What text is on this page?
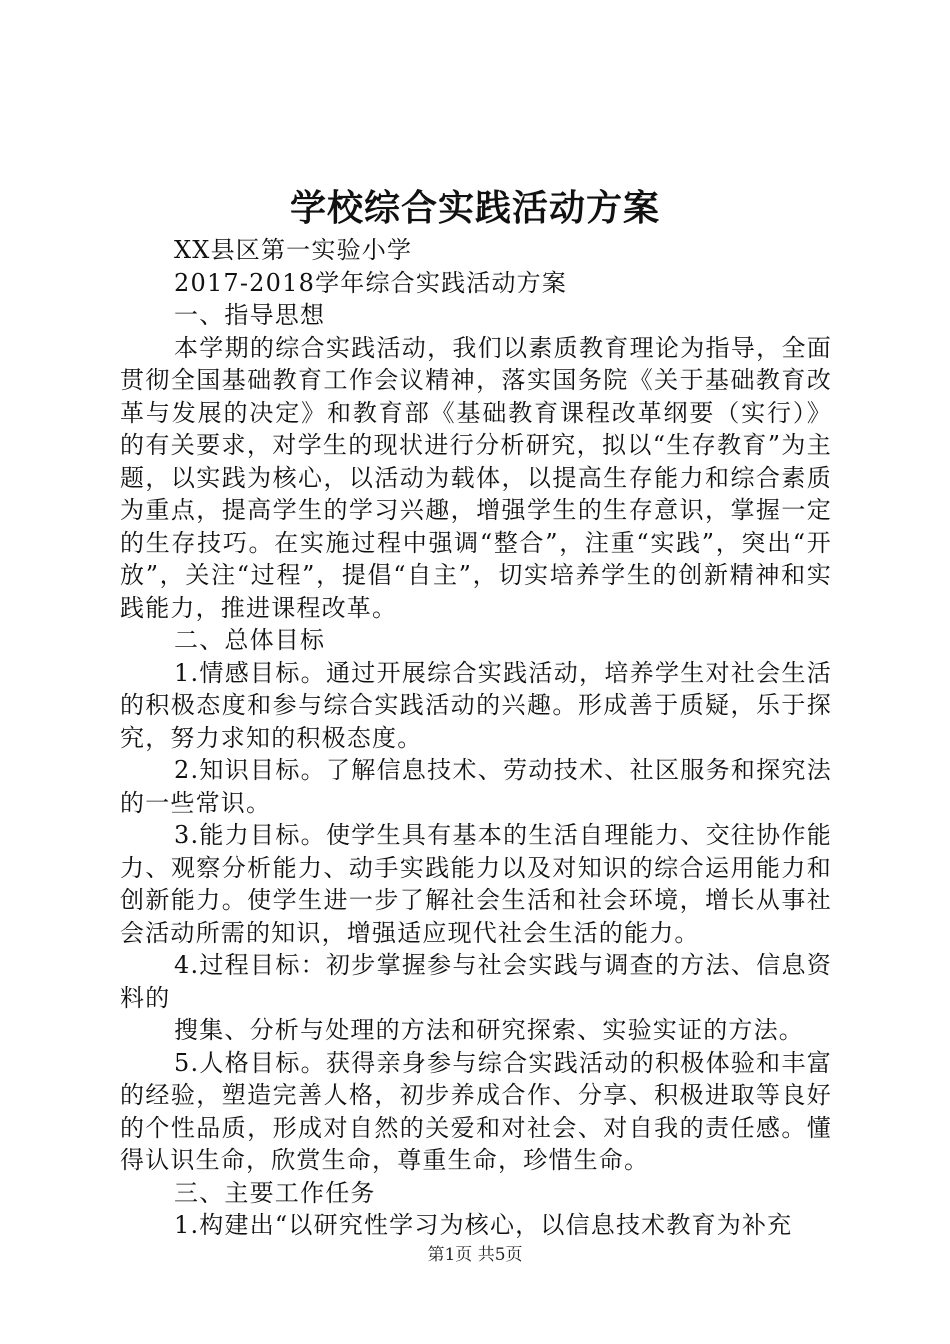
学校综合实践活动方案

XX县区第一实验小学

2017-2018学年综合实践活动方案

一、指导思想

本学期的综合实践活动，我们以素质教育理论为指导，全面贯彻全国基础教育工作会议精神，落实国务院《关于基础教育改革与发展的决定》和教育部《基础教育课程改革纲要（实行）》的有关要求，对学生的现状进行分析研究，拟以“生存教育”为主题，以实践为核心，以活动为载体，以提高生存能力和综合素质为重点，提高学生的学习兴趣，增强学生的生存意识，掌握一定的生存技巧。在实施过程中强调“整合”，注重“实践”，突出“开放”，关注“过程”，提倡“自主”，切实培养学生的创新精神和实践能力，推进课程改革。

二、总体目标

1.情感目标。通过开展综合实践活动，培养学生对社会生活的积极态度和参与综合实践活动的兴趣。形成善于质疑，乐于探究，努力求知的积极态度。

2.知识目标。了解信息技术、劳动技术、社区服务和探究法的一些常识。

3.能力目标。使学生具有基本的生活自理能力、交往协作能力、观察分析能力、动手实践能力以及对知识的综合运用能力和创新能力。使学生进一步了解社会生活和社会环境，增长从事社会活动所需的知识，增强适应现代社会生活的能力。

4.过程目标：初步掌握参与社会实践与调查的方法、信息资料的

搜集、分析与处理的方法和研究探索、实验实证的方法。

5.人格目标。获得亲身参与综合实践活动的积极体验和丰富的经验，塑造完善人格，初步养成合作、分享、积极进取等良好的个性品质，形成对自然的关爱和对社会、对自我的责任感。懂得认识生命，欣赏生命，尊重生命，珍惜生命。

三、主要工作任务

1.构建出“以研究性学习为核心，以信息技术教育为补充

第1页 共5页
